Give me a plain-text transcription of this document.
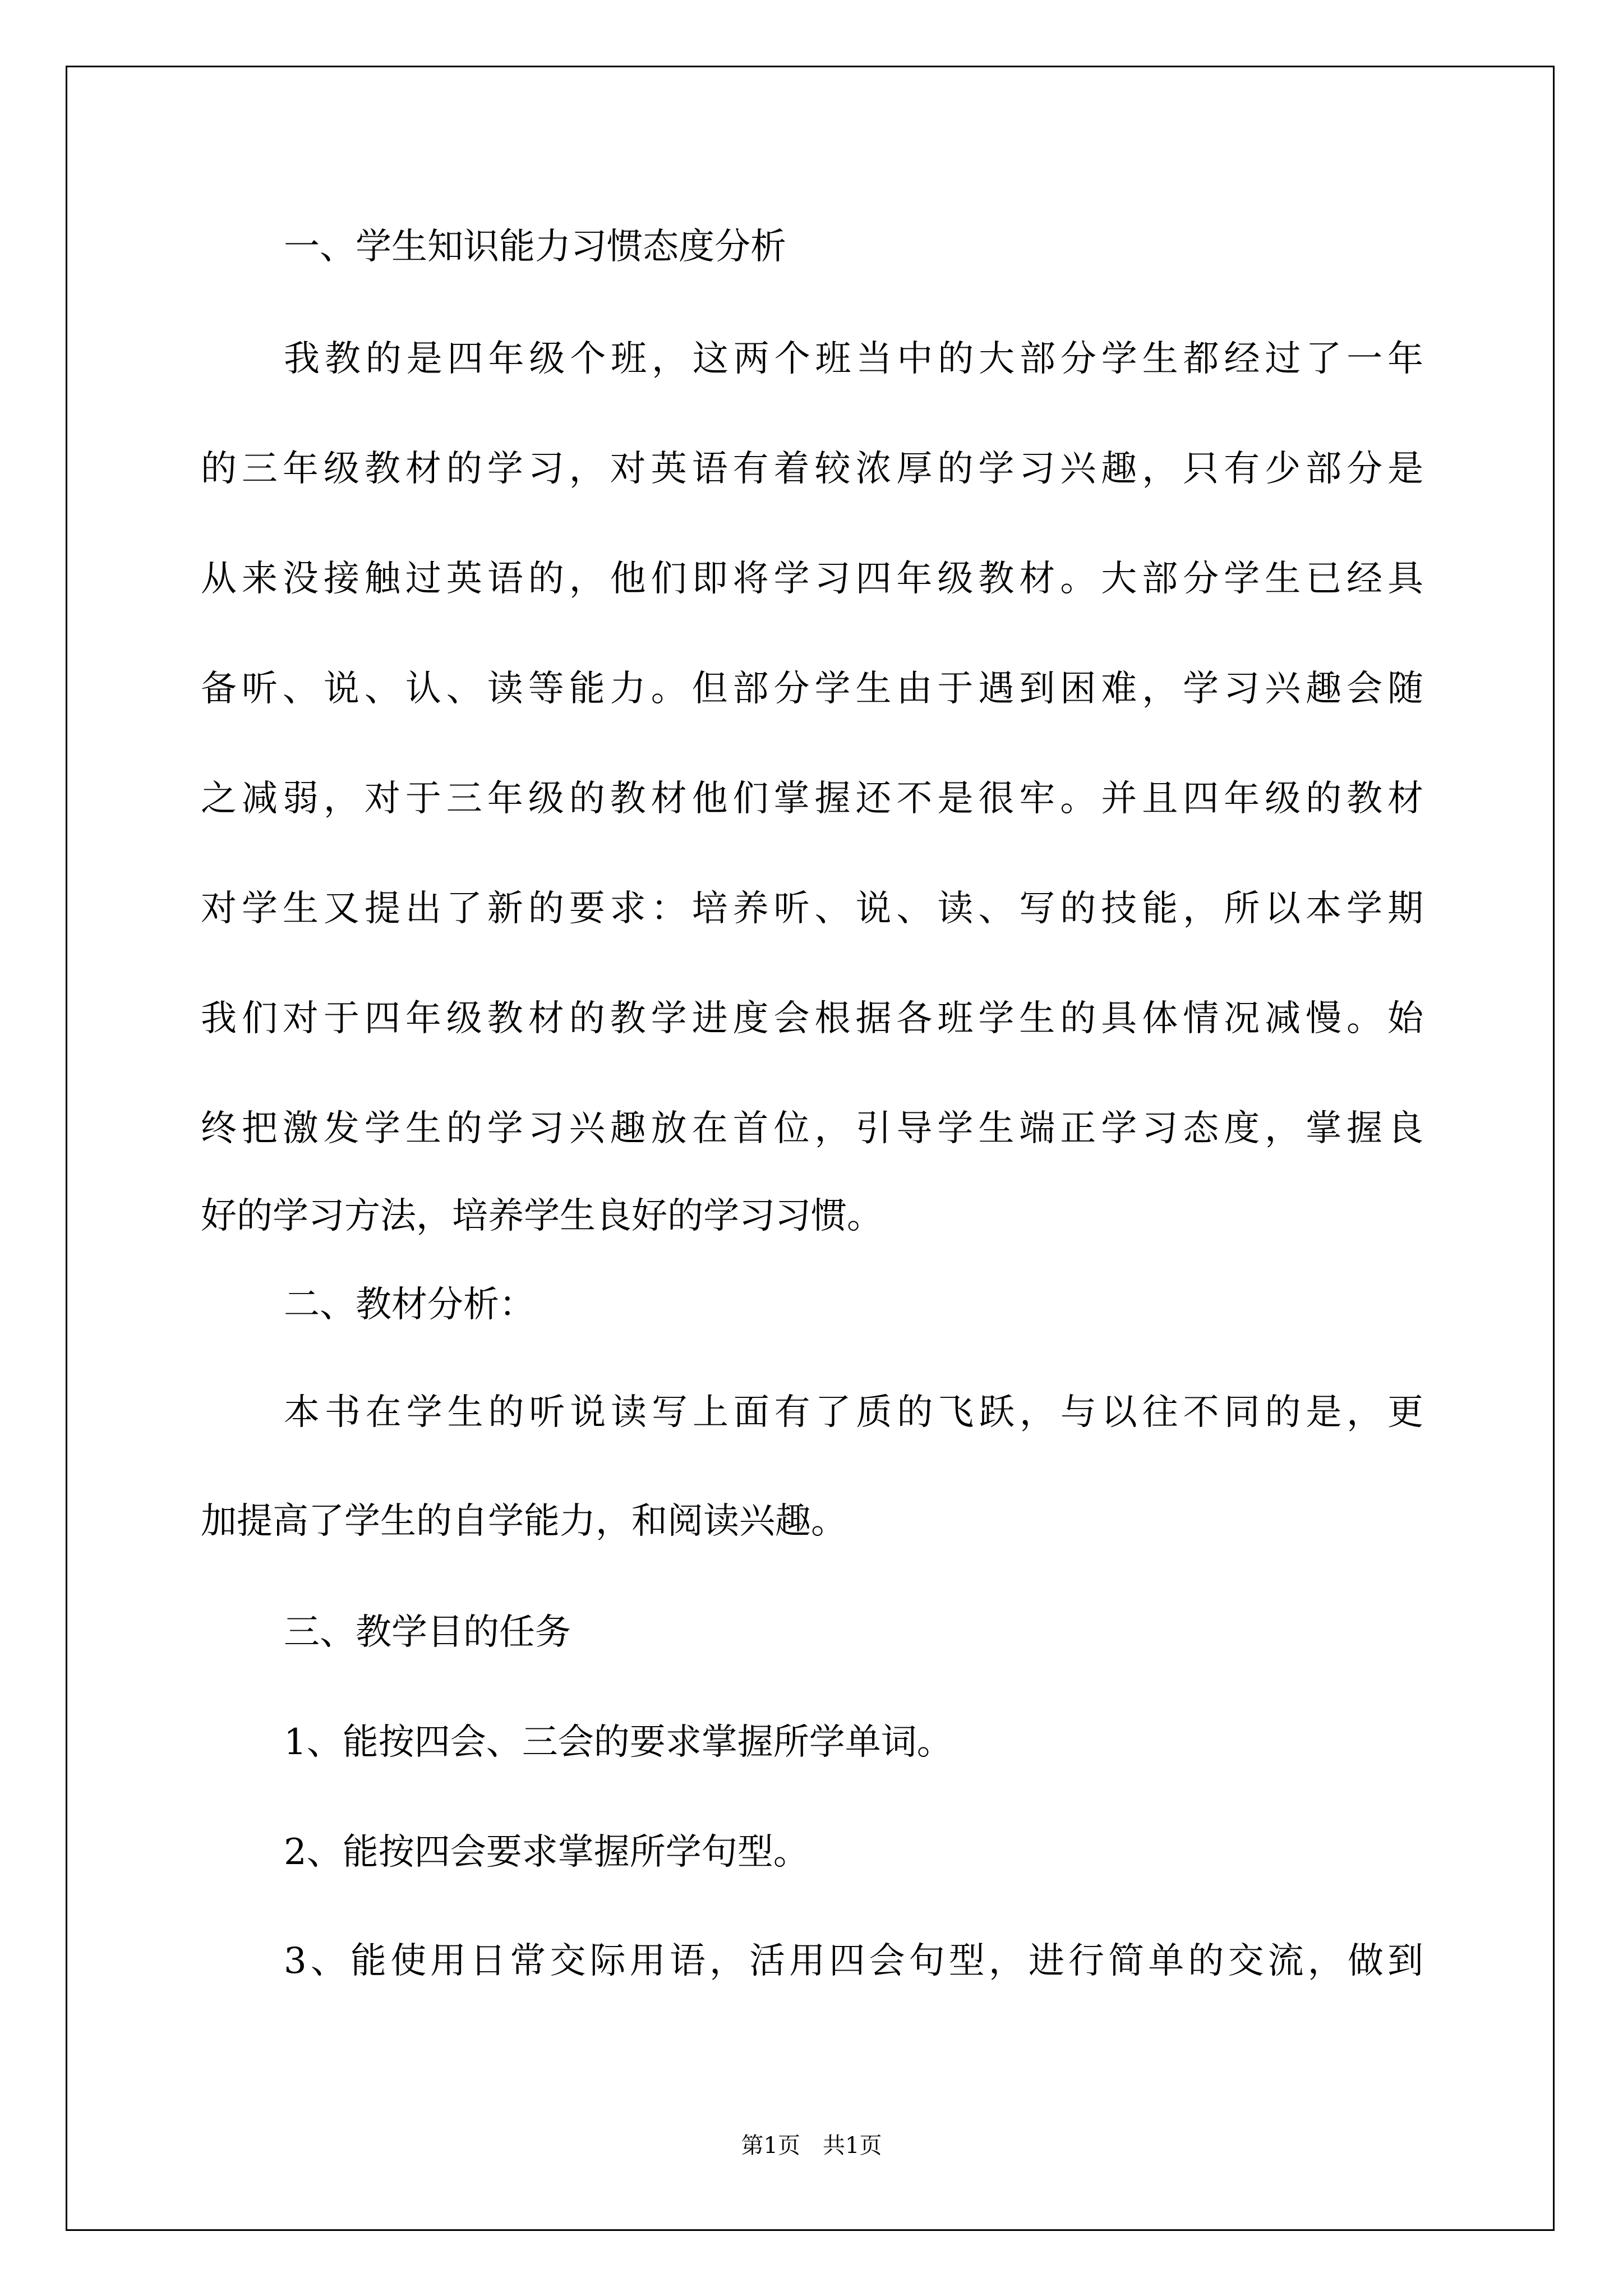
一、学生知识能力习惯态度分析
我教的是四年级个班，这两个班当中的大部分学生都经过了一年
的三年级教材的学习，对英语有着较浓厚的学习兴趣，只有少部分是
从来没接触过英语的，他们即将学习四年级教材。大部分学生已经具
备听、说、认、读等能力。但部分学生由于遇到困难，学习兴趣会随
之减弱，对于三年级的教材他们掌握还不是很牢。并且四年级的教材
对学生又提出了新的要求：培养听、说、读、写的技能，所以本学期
我们对于四年级教材的教学进度会根据各班学生的具体情况减慢。始
终把激发学生的学习兴趣放在首位，引导学生端正学习态度，掌握良
好的学习方法，培养学生良好的学习习惯。
二、教材分析：
本书在学生的听说读写上面有了质的飞跃，与以往不同的是，更
加提高了学生的自学能力，和阅读兴趣。
三、教学目的任务
1、能按四会、三会的要求掌握所学单词。
2、能按四会要求掌握所学句型。
3、能使用日常交际用语，活用四会句型，进行简单的交流，做到
第1页　共1页
